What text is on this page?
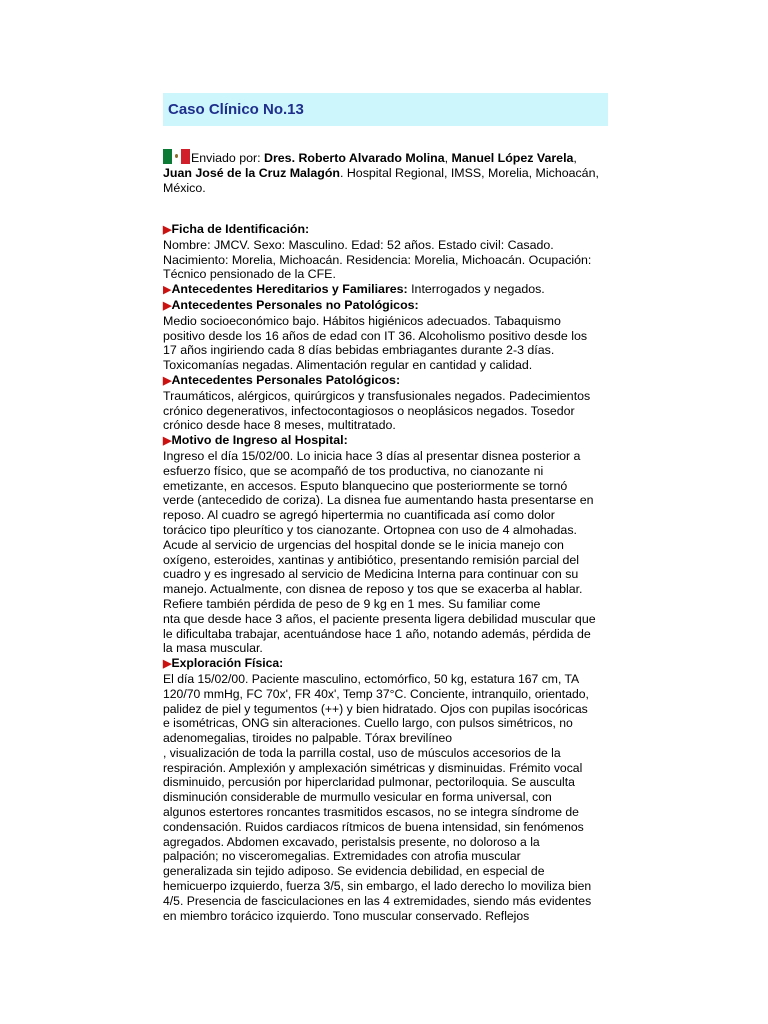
Caso Clínico No.13
Enviado por: Dres. Roberto Alvarado Molina, Manuel López Varela,
Juan José de la Cruz Malagón. Hospital Regional, IMSS, Morelia, Michoacán,
México.
▶Ficha de Identificación:
Nombre: JMCV. Sexo: Masculino. Edad: 52 años. Estado civil: Casado.
Nacimiento: Morelia, Michoacán. Residencia: Morelia, Michoacán. Ocupación:
Técnico pensionado de la CFE.
▶Antecedentes Hereditarios y Familiares: Interrogados y negados.
▶Antecedentes Personales no Patológicos:
Medio socioeconómico bajo. Hábitos higiénicos adecuados. Tabaquismo
positivo desde los 16 años de edad con IT 36. Alcoholismo positivo desde los
17 años ingiriendo cada 8 días bebidas embriagantes durante 2-3 días.
Toxicomanías negadas. Alimentación regular en cantidad y calidad.
▶Antecedentes Personales Patológicos:
Traumáticos, alérgicos, quirúrgicos y transfusionales negados. Padecimientos
crónico degenerativos, infectocontagiosos o neoplásicos negados. Tosedor
crónico desde hace 8 meses, multitratado.
▶Motivo de Ingreso al Hospital:
Ingreso el día 15/02/00. Lo inicia hace 3 días al presentar disnea posterior a
esfuerzo físico, que se acompañó de tos productiva, no cianozante ni
emetizante, en accesos. Esputo blanquecino que posteriormente se tornó
verde (antecedido de coriza). La disnea fue aumentando hasta presentarse en
reposo. Al cuadro se agregó hipertermia no cuantificada así como dolor
torácico tipo pleurítico y tos cianozante. Ortopnea con uso de 4 almohadas.
Acude al servicio de urgencias del hospital donde se le inicia manejo con
oxígeno, esteroides, xantinas y antibiótico, presentando remisión parcial del
cuadro y es ingresado al servicio de Medicina Interna para continuar con su
manejo. Actualmente, con disnea de reposo y tos que se exacerba al hablar.
Refiere también pérdida de peso de 9 kg en 1 mes. Su familiar come
nta que desde hace 3 años, el paciente presenta ligera debilidad muscular que
le dificultaba trabajar, acentuándose hace 1 año, notando además, pérdida de
la masa muscular.
▶Exploración Física:
El día 15/02/00. Paciente masculino, ectomórfico, 50 kg, estatura 167 cm, TA
120/70 mmHg, FC 70x', FR 40x', Temp 37°C. Conciente, intranquilo, orientado,
palidez de piel y tegumentos (++) y bien hidratado. Ojos con pupilas isocóricas
e isométricas, ONG sin alteraciones. Cuello largo, con pulsos simétricos, no
adenomegalias, tiroides no palpable. Tórax brevilíneo
, visualización de toda la parrilla costal, uso de músculos accesorios de la
respiración. Amplexión y amplexación simétricas y disminuidas. Frémito vocal
disminuido, percusión por hiperclaridad pulmonar, pectoriloquia. Se ausculta
disminución considerable de murmullo vesicular en forma universal, con
algunos estertores roncantes trasmitidos escasos, no se integra síndrome de
condensación. Ruidos cardiacos rítmicos de buena intensidad, sin fenómenos
agregados. Abdomen excavado, peristalsis presente, no doloroso a la
palpación; no visceromegalias. Extremidades con atrofia muscular
generalizada sin tejido adiposo. Se evidencia debilidad, en especial de
hemicuerpo izquierdo, fuerza 3/5, sin embargo, el lado derecho lo moviliza bien
4/5. Presencia de fasciculaciones en las 4 extremidades, siendo más evidentes
en miembro torácico izquierdo. Tono muscular conservado. Reflejos
